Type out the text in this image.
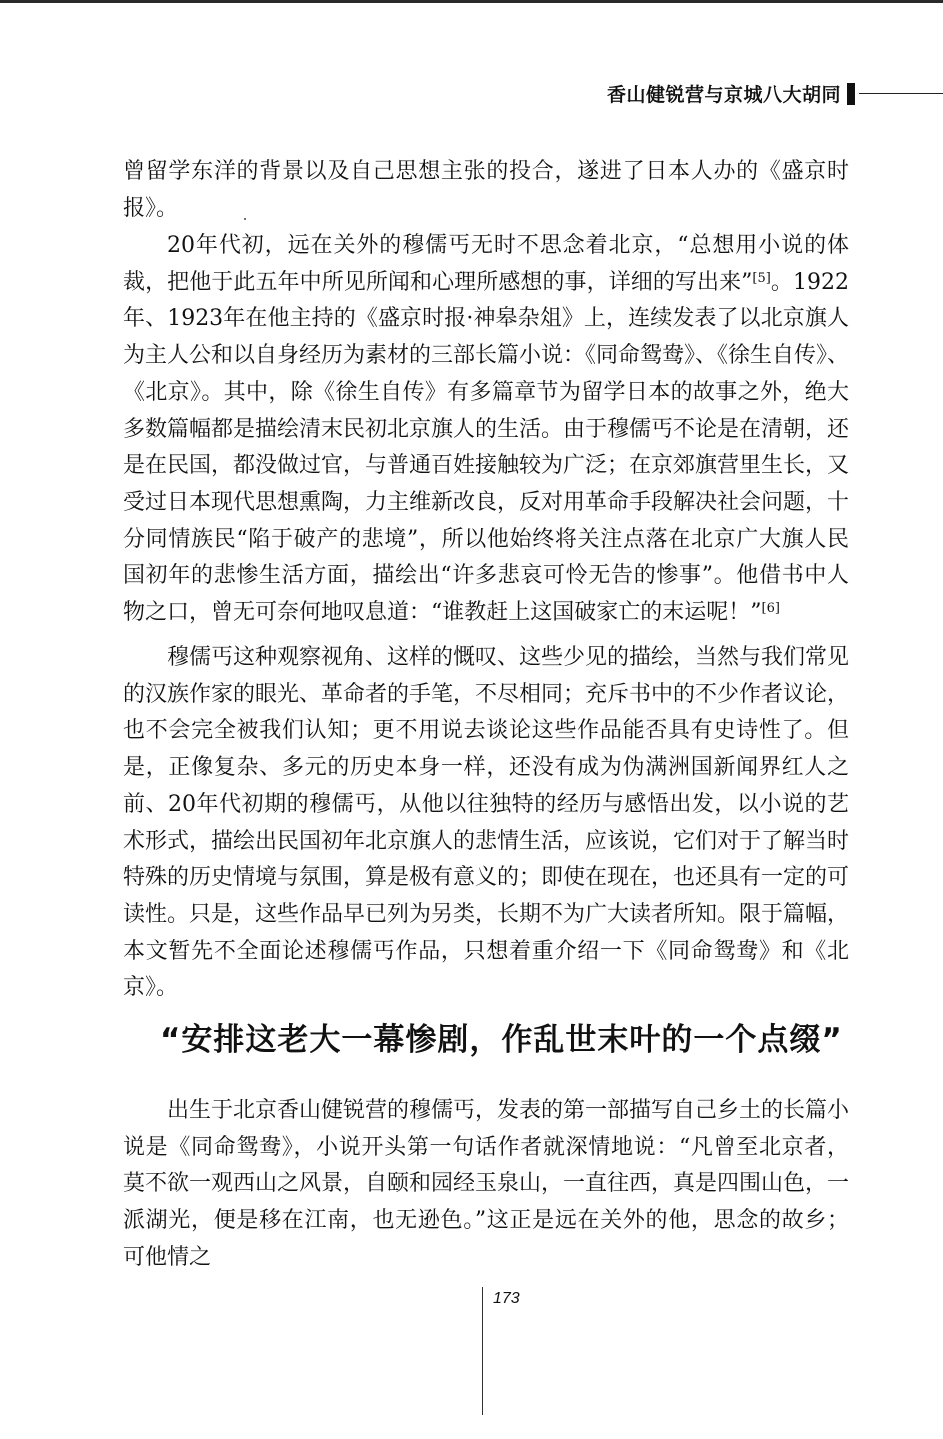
香山健锐营与京城八大胡同

曾留学东洋的背景以及自己思想主张的投合，遂进了日本人办的《盛京时报》。

20年代初，远在关外的穆儒丐无时不思念着北京，“总想用小说的体裁，把他于此五年中所见所闻和心理所感想的事，详细的写出来”[5]。1922年、1923年在他主持的《盛京时报·神皋杂俎》上，连续发表了以北京旗人为主人公和以自身经历为素材的三部长篇小说：《同命鸳鸯》、《徐生自传》、《北京》。其中，除《徐生自传》有多篇章节为留学日本的故事之外，绝大多数篇幅都是描绘清末民初北京旗人的生活。由于穆儒丐不论是在清朝，还是在民国，都没做过官，与普通百姓接触较为广泛；在京郊旗营里生长，又受过日本现代思想熏陶，力主维新改良，反对用革命手段解决社会问题，十分同情族民“陷于破产的悲境”，所以他始终将关注点落在北京广大旗人民国初年的悲惨生活方面，描绘出“许多悲哀可怜无告的惨事”。他借书中人物之口，曾无可奈何地叹息道：“谁教赶上这国破家亡的末运呢！”[6]

穆儒丐这种观察视角、这样的慨叹、这些少见的描绘，当然与我们常见的汉族作家的眼光、革命者的手笔，不尽相同；充斥书中的不少作者议论，也不会完全被我们认知；更不用说去谈论这些作品能否具有史诗性了。但是，正像复杂、多元的历史本身一样，还没有成为伪满洲国新闻界红人之前、20年代初期的穆儒丐，从他以往独特的经历与感悟出发，以小说的艺术形式，描绘出民国初年北京旗人的悲情生活，应该说，它们对于了解当时特殊的历史情境与氛围，算是极有意义的；即使在现在，也还具有一定的可读性。只是，这些作品早已列为另类，长期不为广大读者所知。限于篇幅，本文暂先不全面论述穆儒丐作品，只想着重介绍一下《同命鸳鸯》和《北京》。

“安排这老大一幕惨剧，作乱世末叶的一个点缀”

出生于北京香山健锐营的穆儒丐，发表的第一部描写自己乡土的长篇小说是《同命鸳鸯》，小说开头第一句话作者就深情地说：“凡曾至北京者，莫不欲一观西山之风景，自颐和园经玉泉山，一直往西，真是四围山色，一派湖光，便是移在江南，也无逊色。”这正是远在关外的他，思念的故乡；可他情之

173
